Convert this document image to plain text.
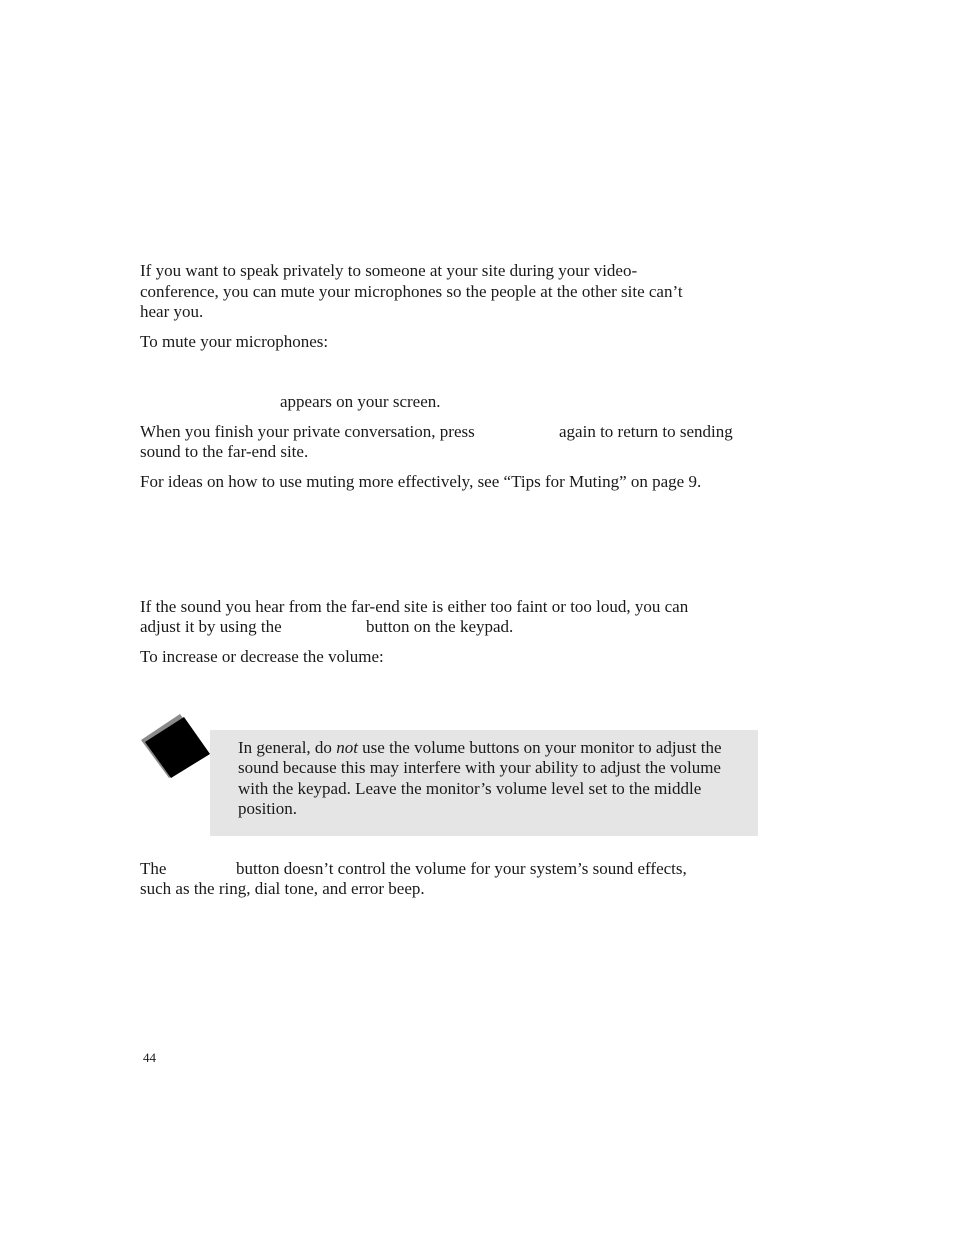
If you want to speak privately to someone at your site during your video-

conference, you can mute your microphones so the people at the other site can’t

hear you.

To mute your microphones:

appears on your screen.

When you finish your private conversation, press	again to return to sending

sound to the far-end site.

For ideas on how to use muting more effectively, see “Tips for Muting” on page 9.

If the sound you hear from the far-end site is either too faint or too loud, you can

adjust it by using the	button on the keypad.

To increase or decrease the volume:

In general, do not use the volume buttons on your monitor to adjust the sound because this may interfere with your ability to adjust the volume with the keypad. Leave the monitor’s volume level set to the middle position.

The	button doesn’t control the volume for your system’s sound effects,

such as the ring, dial tone, and error beep.

44
